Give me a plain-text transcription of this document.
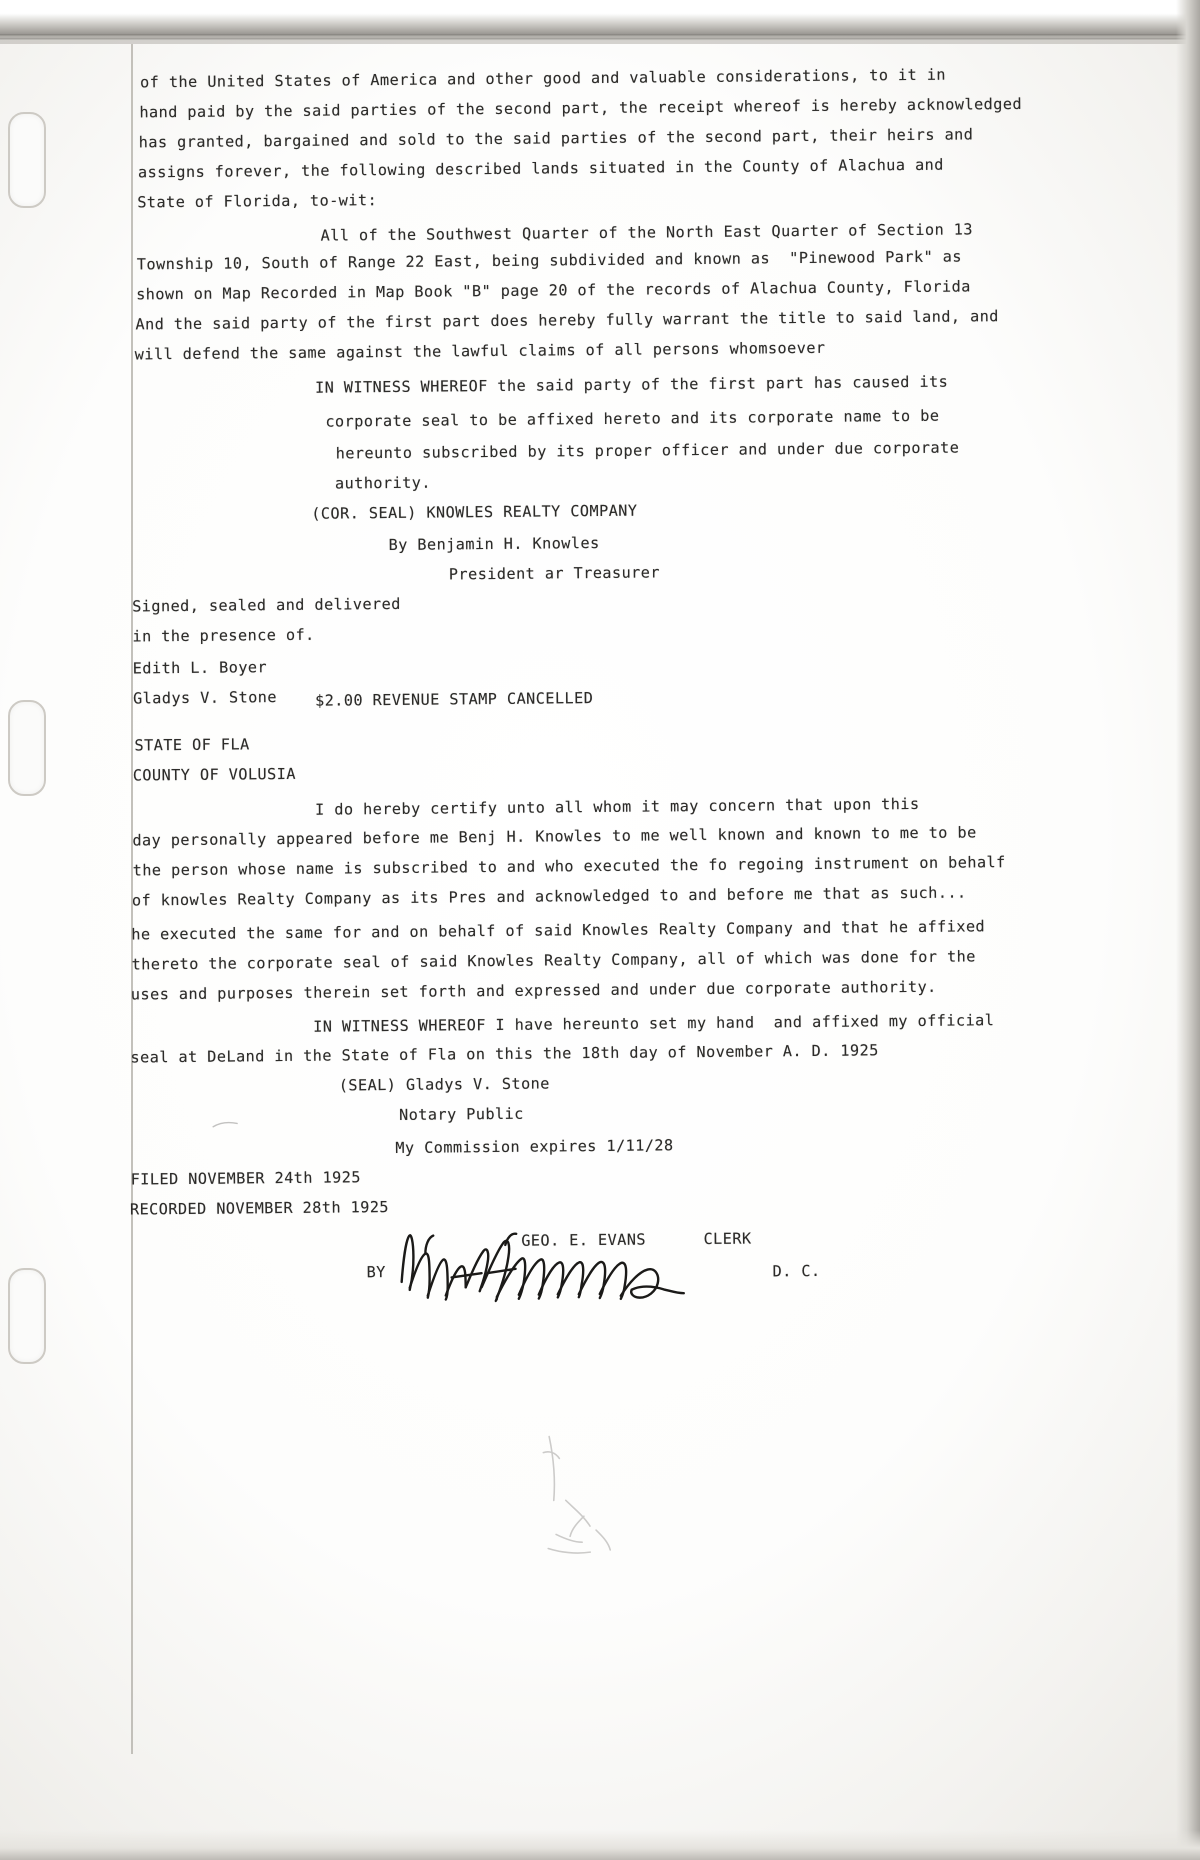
of the United States of America and other good and valuable considerations, to it in
hand paid by the said parties of the second part, the receipt whereof is hereby acknowledged
has granted, bargained and sold to the said parties of the second part, their heirs and
assigns forever, the following described lands situated in the County of Alachua and
State of Florida, to-wit:
All of the Southwest Quarter of the North East Quarter of Section 13
Township 10, South of Range 22 East, being subdivided and known as  "Pinewood Park" as
shown on Map Recorded in Map Book "B" page 20 of the records of Alachua County, Florida
And the said party of the first part does hereby fully warrant the title to said land, and
will defend the same against the lawful claims of all persons whomsoever
IN WITNESS WHEREOF the said party of the first part has caused its
corporate seal to be affixed hereto and its corporate name to be
hereunto subscribed by its proper officer and under due corporate
authority.
(COR. SEAL) KNOWLES REALTY COMPANY
By Benjamin H. Knowles
President ar Treasurer
Signed, sealed and delivered
in the presence of.
Edith L. Boyer
Gladys V. Stone $2.00 REVENUE STAMP CANCELLED
STATE OF FLA
COUNTY OF VOLUSIA
I do hereby certify unto all whom it may concern that upon this
day personally appeared before me Benj H. Knowles to me well known and known to me to be
the person whose name is subscribed to and who executed the fo regoing instrument on behalf
of knowles Realty Company as its Pres and acknowledged to and before me that as such...
he executed the same for and on behalf of said Knowles Realty Company and that he affixed
thereto the corporate seal of said Knowles Realty Company, all of which was done for the
uses and purposes therein set forth and expressed and under due corporate authority.
IN WITNESS WHEREOF I have hereunto set my hand  and affixed my official
seal at DeLand in the State of Fla on this the 18th day of November A. D. 1925
(SEAL) Gladys V. Stone
Notary Public
My Commission expires 1/11/28
FILED NOVEMBER 24th 1925
RECORDED NOVEMBER 28th 1925
GEO. E. EVANS      CLERK
BY	D. C.
